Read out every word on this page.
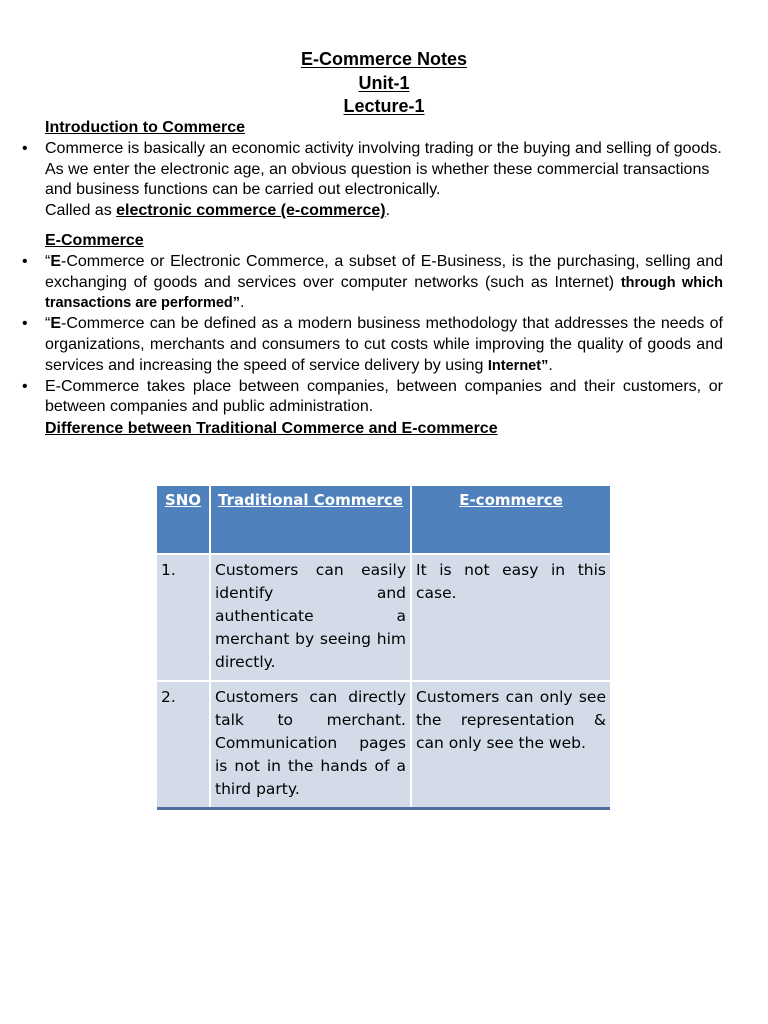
E-Commerce Notes
Unit-1
Lecture-1
Introduction to Commerce
• Commerce is basically an economic activity involving trading or the buying and selling of goods.
As we enter the electronic age, an obvious question is whether these commercial transactions and business functions can be carried out electronically.
Called as electronic commerce (e-commerce).
E-Commerce
• “E-Commerce or Electronic Commerce, a subset of E-Business, is the purchasing, selling and exchanging of goods and services over computer networks (such as Internet) through which transactions are performed”.
• “E-Commerce can be defined as a modern business methodology that addresses the needs of organizations, merchants and consumers to cut costs while improving the quality of goods and services and increasing the speed of service delivery by using Internet”.
• E-Commerce takes place between companies, between companies and their customers, or between companies and public administration.
Difference between Traditional Commerce and E-commerce
SNO	Traditional Commerce	E-commerce
1.	Customers can easily identify and authenticate a merchant by seeing him directly.	It is not easy in this case.
2.	Customers can directly talk to merchant. Communication pages is not in the hands of a third party.	Customers can only see the representation & can only see the web.
